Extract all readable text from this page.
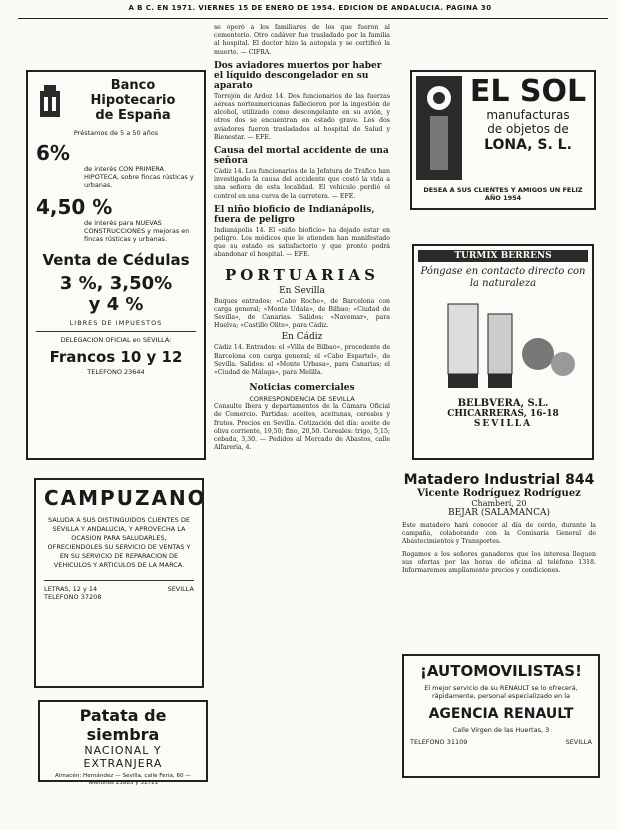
A B C. EN 1971. VIERNES 15 DE ENERO DE 1954. EDICION DE ANDALUCIA. PAGINA 30
Banco Hipotecario
de España
Préstamos de 5 a 50 años
6%
de interés CON PRIMERA HIPOTECA, sobre fincas rústicas y urbanas.
4,50 %
de interés para NUEVAS CONSTRUCCIONES y mejoras en fincas rústicas y urbanas.
Venta de Cédulas
3 %, 3,50%
y 4 %
LIBRES DE IMPUESTOS
DELEGACION OFICIAL en SEVILLA:
Francos 10 y 12
TELEFONO 23644
CAMPUZANO
SALUDA A SUS DISTINGUIDOS CLIENTES DE SEVILLA Y ANDALUCIA, Y APROVECHA LA OCASION PARA SALUDARLES, OFRECIENDOLES SU SERVICIO DE VENTAS Y EN SU SERVICIO DE REPARACION DE VEHICULOS Y ARTICULOS DE LA MARCA.
LETRAS, 12 y 14	SEVILLA
TELEFONO 37208
Patata de siembra
NACIONAL Y
EXTRANJERA
Almacén: Hernández — Sevilla, calle Feria, 60 — Teléfonos 23883 y 31721
se operó a los familiares de los que fueron al cementerio. Otro cadáver fue trasladado por la familia al hospital. El doctor hizo la autopsia y se certificó la muerte. — CIFRA.
Dos aviadores muertos por haber el líquido descongelador en su aparato
Torrejón de Ardoz 14. Dos funcionarios de las fuerzas aéreas norteamericanas fallecieron por la ingestión de alcohol, utilizado como descongelante en su avión, y otros dos se encuentran en estado grave. Los dos aviadores fueron trasladados al hospital de Salud y Bienestar. — EFE.
Causa del mortal accidente de una señora
Cádiz 14. Los funcionarios de la Jefatura de Tráfico han investigado la causa del accidente que costó la vida a una señora de esta localidad. El vehículo perdió el control en una curva de la carretera. — EFE.
El niño bioficio de Indianápolis, fuera de peligro
Indianápolis 14. El «niño bioficio» ha dejado estar en peligro. Los médicos que le atienden han manifestado que su estado es satisfactorio y que pronto podrá abandonar el hospital. — EFE.
PORTUARIAS
En Sevilla
Buques entrados: «Cabo Roche», de Barcelona con carga general; «Monte Udala», de Bilbao; «Ciudad de Sevilla», de Canarias. Salidos: «Navemar», para Huelva; «Castillo Olite», para Cádiz.
En Cádiz
Cádiz 14. Entrados: el «Villa de Bilbao», procedente de Barcelona con carga general; el «Cabo Espartel», de Sevilla. Salidos: el «Monte Urbasa», para Canarias; el «Ciudad de Málaga», para Melilla.
Noticias comerciales
CORRESPONDENCIA DE SEVILLA
Consulte Ibera y departamentos de la Cámara Oficial de Comercio. Partidas: aceites, aceitunas, cereales y frutos. Precios en Sevilla. Cotización del día: aceite de oliva corriente, 19,50; fino, 20,50. Cereales: trigo, 5,15; cebada, 3,30. — Pedidos al Mercado de Abastos, calle Alfarería, 4.
EL SOL
manufacturas
de objetos de
LONA, S. L.
DESEA A SUS CLIENTES Y AMIGOS UN FELIZ AÑO 1954
TURMIX BERRENS
Póngase en contacto directo con la naturaleza
BELBVERA, S.L.
CHICARRERAS, 16-18
SEVILLA
Matadero Industrial 844
Vicente Rodríguez Rodríguez
Chamberí, 20
BEJAR (SALAMANCA)
Este matadero hará conocer al día de cerdo, durante la campaña, colaborando con la Comisaría General de Abastecimientos y Transportes.
Rogamos a los señores ganaderos que los interesa lleguen sus ofertas por las horas de oficina al teléfono 1318. Informaremos ampliamente precios y condiciones.
¡AUTOMOVILISTAS!
El mejor servicio de su RENAULT se lo ofrecerá, rápidamente, personal especializado en la
AGENCIA RENAULT
Calle Virgen de las Huertas, 3
TELEFONO 31109	SEVILLA
